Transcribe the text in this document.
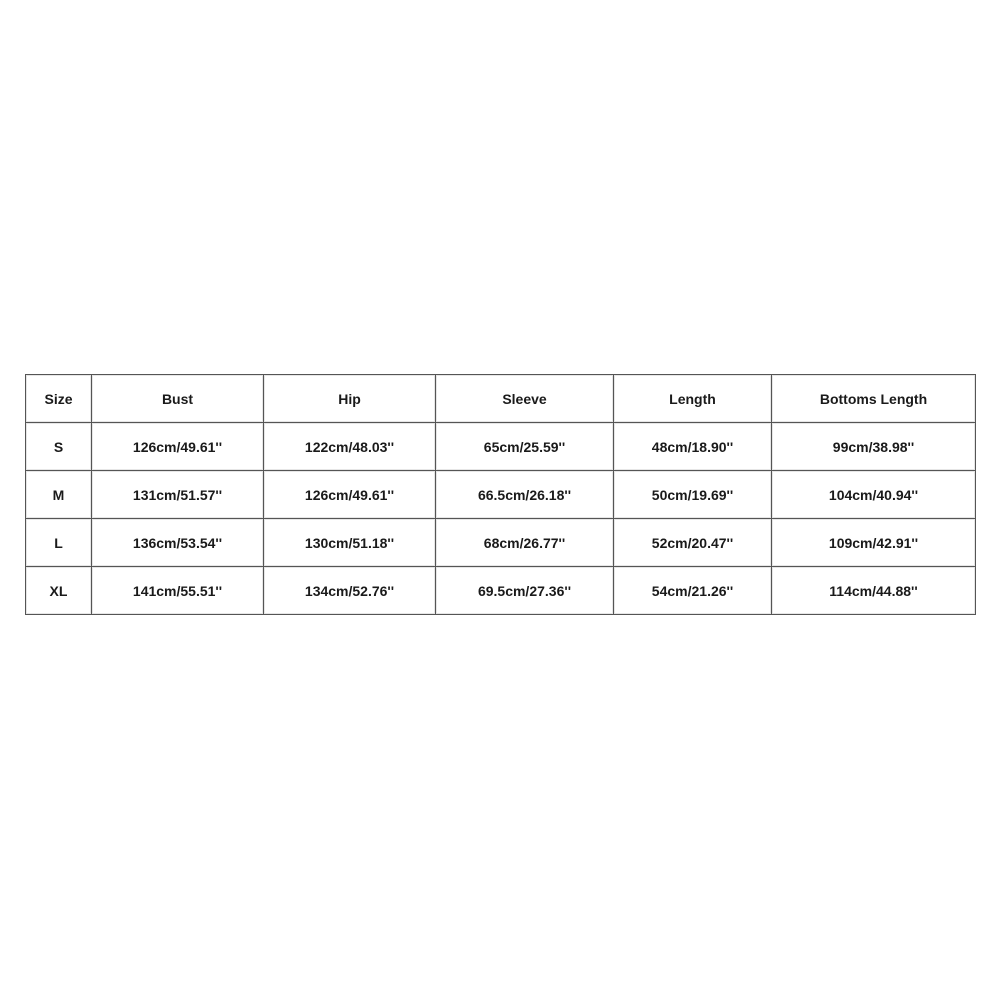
Size	Bust	Hip	Sleeve	Length	Bottoms Length
S	126cm/49.61''	122cm/48.03''	65cm/25.59''	48cm/18.90''	99cm/38.98''
M	131cm/51.57''	126cm/49.61''	66.5cm/26.18''	50cm/19.69''	104cm/40.94''
L	136cm/53.54''	130cm/51.18''	68cm/26.77''	52cm/20.47''	109cm/42.91''
XL	141cm/55.51''	134cm/52.76''	69.5cm/27.36''	54cm/21.26''	114cm/44.88''
